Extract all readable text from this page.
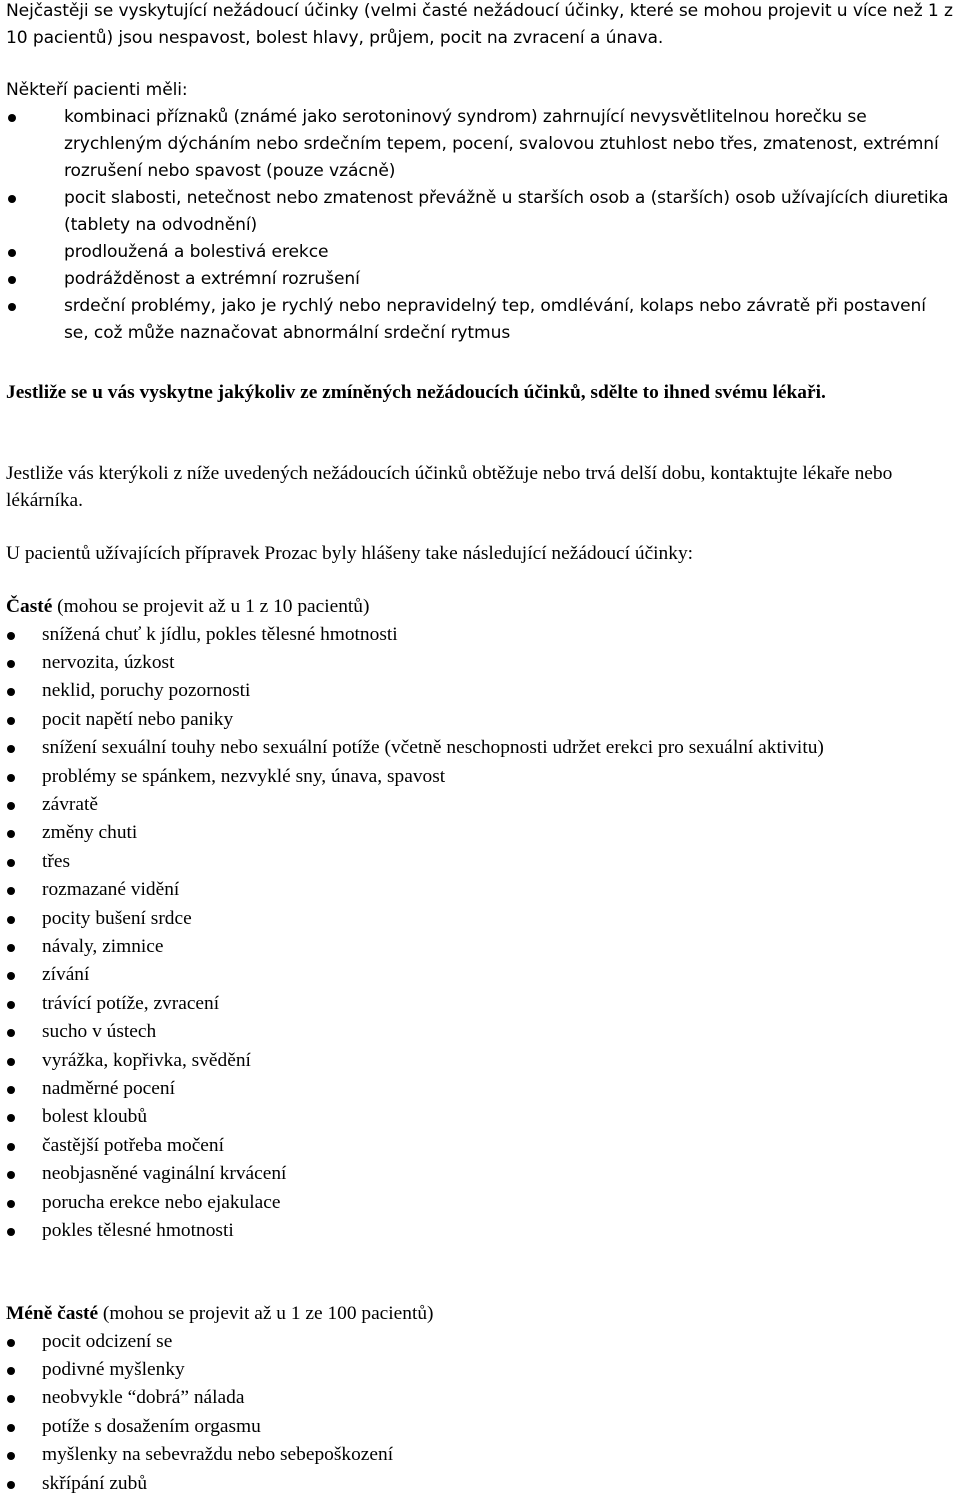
Nejčastěji se vyskytující nežádoucí účinky (velmi časté nežádoucí účinky, které se mohou projevit u více než 1 z 10 pacientů) jsou nespavost, bolest hlavy, průjem, pocit na zvracení a únava.

Někteří pacienti měli:

kombinaci příznaků (známé jako serotoninový syndrom) zahrnující nevysvětlitelnou horečku se zrychleným dýcháním nebo srdečním tepem, pocení, svalovou ztuhlost nebo třes, zmatenost, extrémní rozrušení nebo spavost (pouze vzácně)
pocit slabosti, netečnost nebo zmatenost převážně u starších osob a (starších) osob užívajících diuretika (tablety na odvodnění)
prodloužená a bolestivá erekce
podrážděnost a extrémní rozrušení
srdeční problémy, jako je rychlý nebo nepravidelný tep, omdlévání, kolaps nebo závratě při postavení se, což může naznačovat abnormální srdeční rytmus

Jestliže se u vás vyskytne jakýkoliv ze zmíněných nežádoucích účinků, sdělte to ihned svému lékaři.

Jestliže vás kterýkoli z níže uvedených nežádoucích účinků obtěžuje nebo trvá delší dobu, kontaktujte lékaře nebo lékárníka.

U pacientů užívajících přípravek Prozac byly hlášeny take následující nežádoucí účinky:

Časté (mohou se projevit až u 1 z 10 pacientů)

snížená chuť k jídlu, pokles tělesné hmotnosti
nervozita, úzkost
neklid, poruchy pozornosti
pocit napětí nebo paniky
snížení sexuální touhy nebo sexuální potíže (včetně neschopnosti udržet erekci pro sexuální aktivitu)
problémy se spánkem, nezvyklé sny, únava, spavost
závratě
změny chuti
třes
rozmazané vidění
pocity bušení srdce
návaly, zimnice
zívání
trávící potíže, zvracení
sucho v ústech
vyrážka, kopřivka, svědění
nadměrné pocení
bolest kloubů
častější potřeba močení
neobjasněné vaginální krvácení
porucha erekce nebo ejakulace
pokles tělesné hmotnosti

Méně časté (mohou se projevit až u 1 ze 100 pacientů)

pocit odcizení se
podivné myšlenky
neobvykle “dobrá” nálada
potíže s dosažením orgasmu
myšlenky na sebevraždu nebo sebepoškození
skřípání zubů
